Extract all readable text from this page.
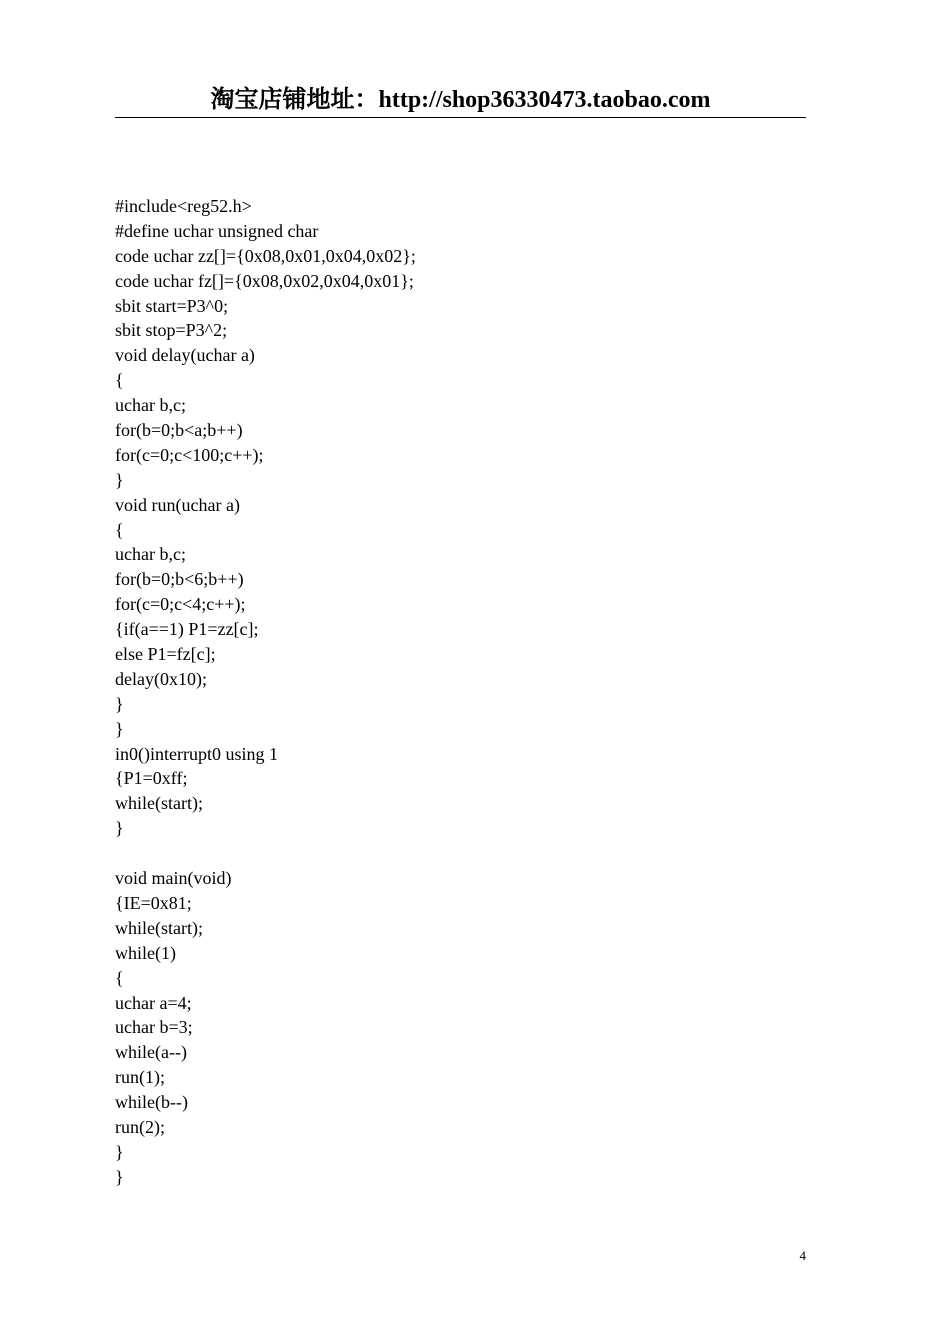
淘宝店铺地址：http://shop36330473.taobao.com
#include<reg52.h>
#define uchar unsigned char
code uchar zz[]={0x08,0x01,0x04,0x02};
code uchar fz[]={0x08,0x02,0x04,0x01};
sbit start=P3^0;
sbit stop=P3^2;
void delay(uchar a)
{
uchar b,c;
for(b=0;b<a;b++)
for(c=0;c<100;c++);
}
void run(uchar a)
{
uchar b,c;
for(b=0;b<6;b++)
for(c=0;c<4;c++);
{if(a==1) P1=zz[c];
else P1=fz[c];
delay(0x10);
}
}
in0()interrupt0 using 1
{P1=0xff;
while(start);
}
void main(void)
{IE=0x81;
while(start);
while(1)
{
uchar a=4;
uchar b=3;
while(a--)
run(1);
while(b--)
run(2);
}
}
4
